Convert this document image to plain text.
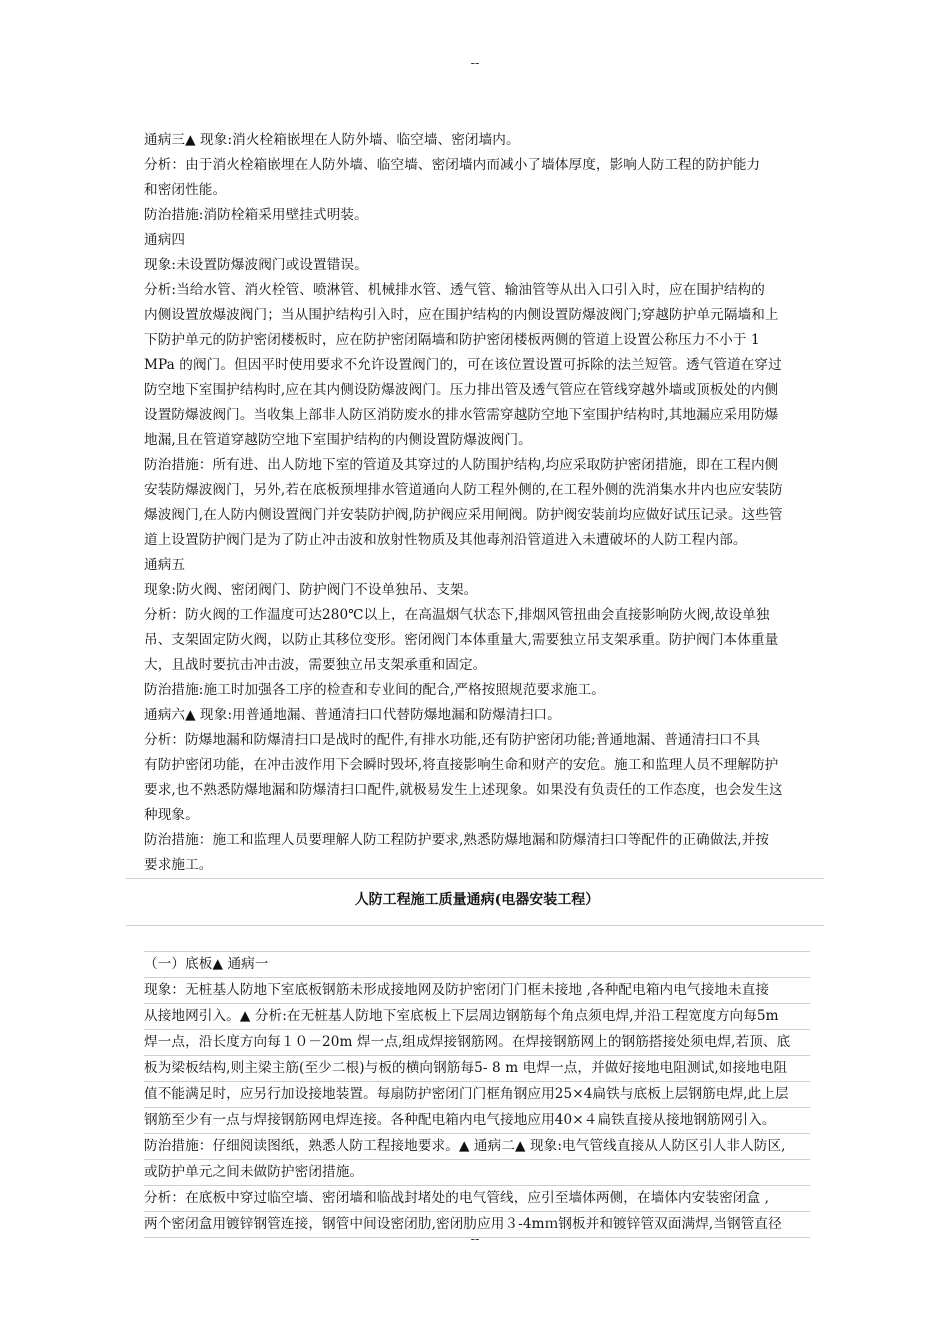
--
通病三▲ 现象:消火栓箱嵌埋在人防外墙、临空墙、密闭墙内。
分析：由于消火栓箱嵌埋在人防外墙、临空墙、密闭墙内而减小了墙体厚度，影响人防工程的防护能力
和密闭性能。
防治措施:消防栓箱采用壁挂式明装。
通病四
现象:未设置防爆波阀门或设置错误。
分析:当给水管、消火栓管、喷淋管、机械排水管、透气管、输油管等从出入口引入时，应在围护结构的
内侧设置放爆波阀门；当从围护结构引入时，应在围护结构的内侧设置防爆波阀门;穿越防护单元隔墙和上
下防护单元的防护密闭楼板时，应在防护密闭隔墙和防护密闭楼板两侧的管道上设置公称压力不小于 1
MPa 的阀门。但因平时使用要求不允许设置阀门的，可在该位置设置可拆除的法兰短管。透气管道在穿过
防空地下室围护结构时,应在其内侧设防爆波阀门。压力排出管及透气管应在管线穿越外墙或顶板处的内侧
设置防爆波阀门。当收集上部非人防区消防废水的排水管需穿越防空地下室围护结构时,其地漏应采用防爆
地漏,且在管道穿越防空地下室围护结构的内侧设置防爆波阀门。
防治措施：所有进、出人防地下室的管道及其穿过的人防围护结构,均应采取防护密闭措施，即在工程内侧
安装防爆波阀门，另外,若在底板预埋排水管道通向人防工程外侧的,在工程外侧的洗消集水井内也应安装防
爆波阀门,在人防内侧设置阀门并安装防护阀,防护阀应采用闸阀。防护阀安装前均应做好试压记录。这些管
道上设置防护阀门是为了防止冲击波和放射性物质及其他毒剂沿管道进入未遭破坏的人防工程内部。
通病五
现象:防火阀、密闭阀门、防护阀门不设单独吊、支架。
分析：防火阀的工作温度可达280℃以上，在高温烟气状态下,排烟风管扭曲会直接影响防火阀,故设单独
吊、支架固定防火阀，以防止其移位变形。密闭阀门本体重量大,需要独立吊支架承重。防护阀门本体重量
大，且战时要抗击冲击波，需要独立吊支架承重和固定。
防治措施:施工时加强各工序的检查和专业间的配合,严格按照规范要求施工。
通病六▲ 现象:用普通地漏、普通清扫口代替防爆地漏和防爆清扫口。
分析：防爆地漏和防爆清扫口是战时的配件,有排水功能,还有防护密闭功能;普通地漏、普通清扫口不具
有防护密闭功能，在冲击波作用下会瞬时毁坏,将直接影响生命和财产的安危。施工和监理人员不理解防护
要求,也不熟悉防爆地漏和防爆清扫口配件,就极易发生上述现象。如果没有负责任的工作态度，也会发生这
种现象。
防治措施：施工和监理人员要理解人防工程防护要求,熟悉防爆地漏和防爆清扫口等配件的正确做法,并按
要求施工。
人防工程施工质量通病(电器安装工程）
（一）底板▲ 通病一
现象：无桩基人防地下室底板钢筋未形成接地网及防护密闭门门框未接地 ,各种配电箱内电气接地未直接
从接地网引入。▲ 分析:在无桩基人防地下室底板上下层周边钢筋每个角点须电焊,并沿工程宽度方向每5m
焊一点，沿长度方向每１０－20m 焊一点,组成焊接钢筋网。在焊接钢筋网上的钢筋搭接处须电焊,若顶、底
板为梁板结构,则主梁主筋(至少二根)与板的横向钢筋每5- 8 m 电焊一点，并做好接地电阻测试,如接地电阻
值不能满足时，应另行加设接地装置。每扇防护密闭门门框角钢应用25×4扁铁与底板上层钢筋电焊,此上层
钢筋至少有一点与焊接钢筋网电焊连接。各种配电箱内电气接地应用40×４扁铁直接从接地钢筋网引入。
防治措施：仔细阅读图纸，熟悉人防工程接地要求。▲ 通病二▲ 现象:电气管线直接从人防区引人非人防区,
或防护单元之间未做防护密闭措施。
分析：在底板中穿过临空墙、密闭墙和临战封堵处的电气管线，应引至墙体两侧，在墙体内安装密闭盒 ,
两个密闭盒用镀锌钢管连接，钢管中间设密闭肋,密闭肋应用３-4mｍ钢板并和镀锌管双面满焊,当钢管直径
--
